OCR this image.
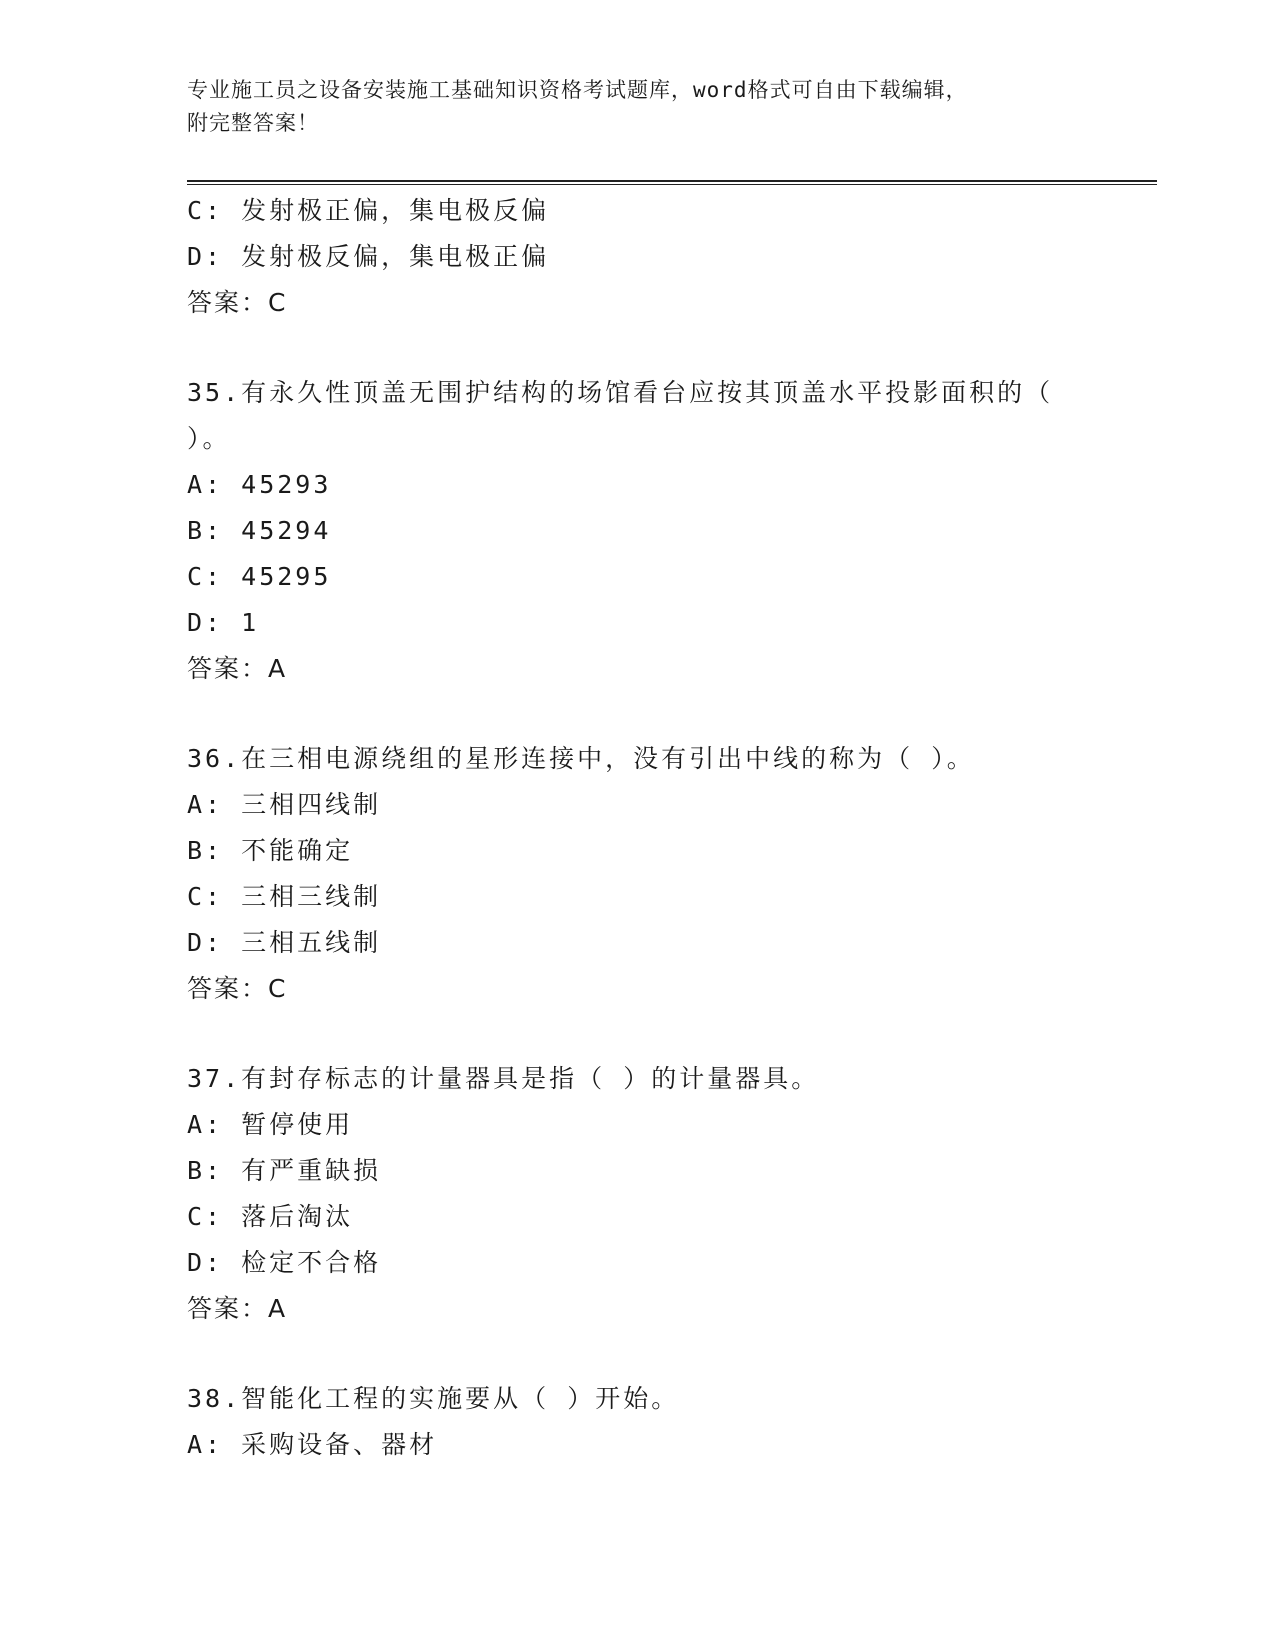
专业施工员之设备安装施工基础知识资格考试题库，word格式可自由下载编辑，
附完整答案！
C: 发射极正偏，集电极反偏
D: 发射极反偏，集电极正偏
答案：C
35.有永久性顶盖无围护结构的场馆看台应按其顶盖水平投影面积的（
）。
A: 45293
B: 45294
C: 45295
D: 1
答案：A
36.在三相电源绕组的星形连接中，没有引出中线的称为（ ）。
A: 三相四线制
B: 不能确定
C: 三相三线制
D: 三相五线制
答案：C
37.有封存标志的计量器具是指（ ）的计量器具。
A: 暂停使用
B: 有严重缺损
C: 落后淘汰
D: 检定不合格
答案：A
38.智能化工程的实施要从（ ）开始。
A: 采购设备、器材
